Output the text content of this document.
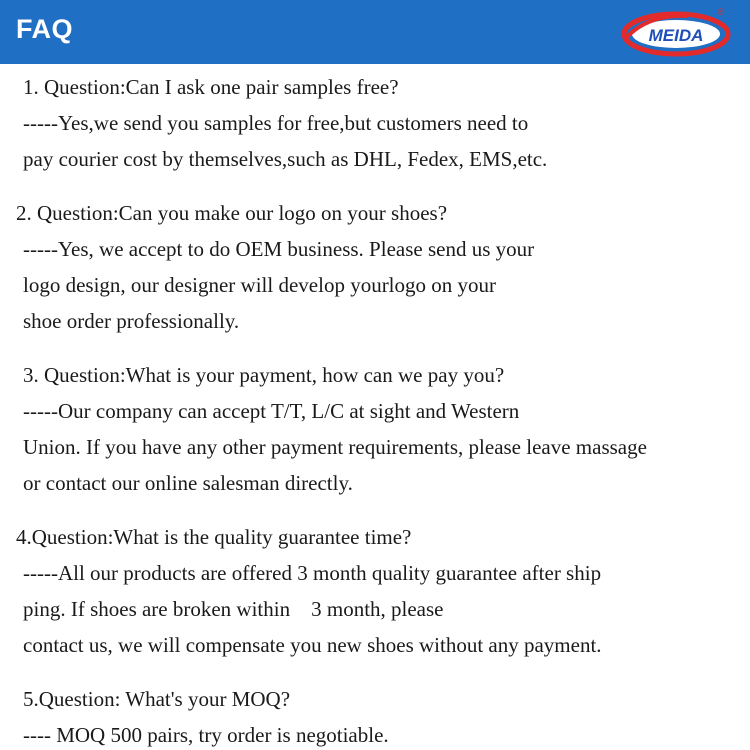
FAQ	MEIDA
®
1. Question:Can I ask one pair samples free?
-----Yes,we send you samples for free,but customers need to
pay courier cost by themselves,such as DHL, Fedex, EMS,etc.
2. Question:Can you make our logo on your shoes?
-----Yes, we accept to do OEM business. Please send us your
logo design, our designer will develop yourlogo on your
shoe order professionally.
3. Question:What is your payment, how can we pay you?
-----Our company can accept T/T, L/C at sight and Western
Union. If you have any other payment requirements, please leave massage
or contact our online salesman directly.
4.Question:What is the quality guarantee time?
-----All our products are offered 3 month quality guarantee after ship
ping. If shoes are broken within    3 month, please
contact us, we will compensate you new shoes without any payment.
5.Question: What's your MOQ?
---- MOQ 500 pairs, try order is negotiable.
